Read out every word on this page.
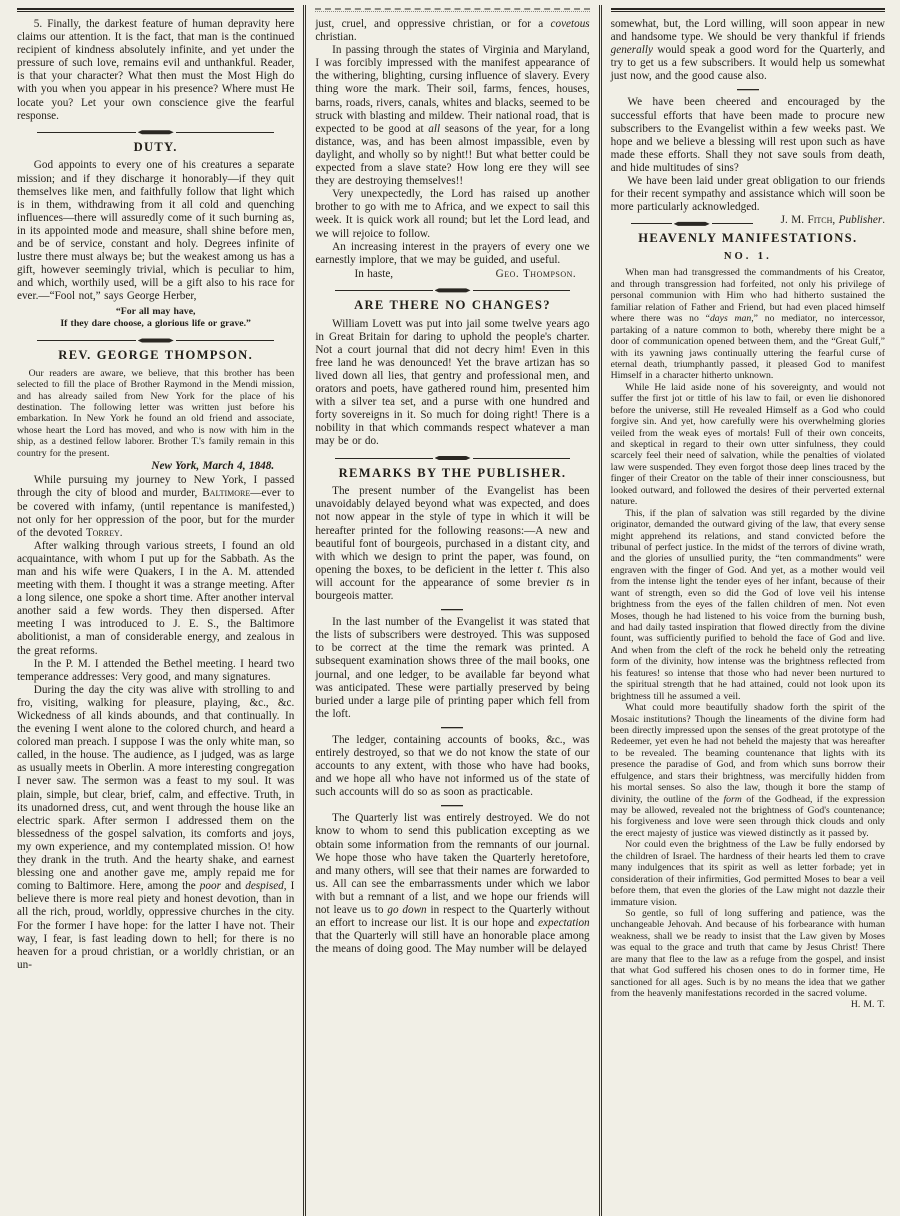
5. Finally, the darkest feature of human depravity here claims our attention. It is the fact, that man is the continued recipient of kindness absolutely infinite, and yet under the pressure of such love, remains evil and unthankful. Reader, is that your character? What then must the Most High do with you when you appear in his presence? Where must He locate you? Let your own conscience give the fearful response.

DUTY.

God appoints to every one of his creatures a separate mission; and if they discharge it honorably—if they quit themselves like men, and faithfully follow that light which is in them, withdrawing from it all cold and quenching influences—there will assuredly come of it such burning as, in its appointed mode and measure, shall shine before men, and be of service, constant and holy. Degrees infinite of lustre there must always be; but the weakest among us has a gift, however seemingly trivial, which is peculiar to him, and which, worthily used, will be a gift also to his race for ever.—“Fool not,” says George Herber,

“For all may have,
If they dare choose, a glorious life or grave.”
REV. GEORGE THOMPSON.

Our readers are aware, we believe, that this brother has been selected to fill the place of Brother Raymond in the Mendi mission, and has already sailed from New York for the place of his destination. The following letter was written just before his embarkation. In New York he found an old friend and associate, whose heart the Lord has moved, and who is now with him in the ship, as a destined fellow laborer. Brother T.'s family remain in this country for the present.

New York, March 4, 1848.

While pursuing my journey to New York, I passed through the city of blood and murder, Baltimore—ever to be covered with infamy, (until repentance is manifested,) not only for her oppression of the poor, but for the murder of the devoted Torrey.

After walking through various streets, I found an old acquaintance, with whom I put up for the Sabbath. As the man and his wife were Quakers, I in the A. M. attended meeting with them. I thought it was a strange meeting. After a long silence, one spoke a short time. After another interval another said a few words. They then dispersed. After meeting I was introduced to J. E. S., the Baltimore abolitionist, a man of considerable energy, and zealous in the great reforms.

In the P. M. I attended the Bethel meeting. I heard two temperance addresses: Very good, and many signatures.

During the day the city was alive with strolling to and fro, visiting, walking for pleasure, playing, &c., &c. Wickedness of all kinds abounds, and that continually. In the evening I went alone to the colored church, and heard a colored man preach. I suppose I was the only white man, so called, in the house. The audience, as I judged, was as large as usually meets in Oberlin. A more interesting congregation I never saw. The sermon was a feast to my soul. It was plain, simple, but clear, brief, calm, and effective. Truth, in its unadorned dress, cut, and went through the house like an electric spark. After sermon I addressed them on the blessedness of the gospel salvation, its comforts and joys, my own experience, and my contemplated mission. O! how they drank in the truth. And the hearty shake, and earnest blessing one and another gave me, amply repaid me for coming to Baltimore. Here, among the poor and despised, I believe there is more real piety and honest devotion, than in all the rich, proud, worldly, oppressive churches in the city. For the former I have hope: for the latter I have not. Their way, I fear, is fast leading down to hell; for there is no heaven for a proud christian, or a worldly christian, or an un-

just, cruel, and oppressive christian, or for a covetous christian.

In passing through the states of Virginia and Maryland, I was forcibly impressed with the manifest appearance of the withering, blighting, cursing influence of slavery. Every thing wore the mark. Their soil, farms, fences, houses, barns, roads, rivers, canals, whites and blacks, seemed to be struck with blasting and mildew. Their national road, that is expected to be good at all seasons of the year, for a long distance, was, and has been almost impassible, even by daylight, and wholly so by night!! But what better could be expected from a slave state? How long ere they will see they are destroying themselves!!

Very unexpectedly, the Lord has raised up another brother to go with me to Africa, and we expect to sail this week. It is quick work all round; but let the Lord lead, and we will rejoice to follow.

An increasing interest in the prayers of every one we earnestly implore, that we may be guided, and useful.

In haste,	Geo. Thompson.
ARE THERE NO CHANGES?

William Lovett was put into jail some twelve years ago in Great Britain for daring to uphold the people's charter. Not a court journal that did not decry him! Even in this free land he was denounced! Yet the brave artizan has so lived down all lies, that gentry and professional men, and orators and poets, have gathered round him, presented him with a silver tea set, and a purse with one hundred and forty sovereigns in it. So much for doing right! There is a nobility in that which commands respect whatever a man may be or do.

REMARKS BY THE PUBLISHER.

The present number of the Evangelist has been unavoidably delayed beyond what was expected, and does not now appear in the style of type in which it will be hereafter printed for the following reasons:—A new and beautiful font of bourgeois, purchased in a distant city, and with which we design to print the paper, was found, on opening the boxes, to be deficient in the letter t. This also will account for the appearance of some brevier ts in bourgeois matter.

In the last number of the Evangelist it was stated that the lists of subscribers were destroyed. This was supposed to be correct at the time the remark was printed. A subsequent examination shows three of the mail books, one journal, and one ledger, to be available far beyond what was anticipated. These were partially preserved by being buried under a large pile of printing paper which fell from the loft.

The ledger, containing accounts of books, &c., was entirely destroyed, so that we do not know the state of our accounts to any extent, with those who have had books, and we hope all who have not informed us of the state of such accounts will do so as soon as practicable.

The Quarterly list was entirely destroyed. We do not know to whom to send this publication excepting as we obtain some information from the remnants of our journal. We hope those who have taken the Quarterly heretofore, and many others, will see that their names are forwarded to us. All can see the embarrassments under which we labor with but a remnant of a list, and we hope our friends will not leave us to go down in respect to the Quarterly without an effort to increase our list. It is our hope and expectation that the Quarterly will still have an honorable place among the means of doing good. The May number will be delayed

somewhat, but, the Lord willing, will soon appear in new and handsome type. We should be very thankful if friends generally would speak a good word for the Quarterly, and try to get us a few subscribers. It would help us somewhat just now, and the good cause also.

We have been cheered and encouraged by the successful efforts that have been made to procure new subscribers to the Evangelist within a few weeks past. We hope and we believe a blessing will rest upon such as have made these efforts. Shall they not save souls from death, and hide multitudes of sins?

We have been laid under great obligation to our friends for their recent sympathy and assistance which will soon be more particularly acknowledged.
J. M. Fitch, Publisher.

HEAVENLY MANIFESTATIONS.
NO. 1.

When man had transgressed the commandments of his Creator, and through transgression had forfeited, not only his privilege of personal communion with Him who had hitherto sustained the familiar relation of Father and Friend, but had even placed himself where there was no “days man,” no mediator, no intercessor, partaking of a nature common to both, whereby there might be a door of communication opened between them, and the “Great Gulf,” with its yawning jaws continually uttering the fearful curse of eternal death, triumphantly passed, it pleased God to manifest Himself in a character hitherto unknown.

While He laid aside none of his sovereignty, and would not suffer the first jot or tittle of his law to fail, or even lie dishonored before the universe, still He revealed Himself as a God who could forgive sin. And yet, how carefully were his overwhelming glories veiled from the weak eyes of mortals! Full of their own conceits, and skeptical in regard to their own utter sinfulness, they could scarcely feel their need of salvation, while the penalties of violated law were suspended. They even forgot those deep lines traced by the finger of their Creator on the table of their inner consciousness, but looked outward, and followed the desires of their perverted external nature.

This, if the plan of salvation was still regarded by the divine originator, demanded the outward giving of the law, that every sense might apprehend its relations, and stand convicted before the tribunal of perfect justice. In the midst of the terrors of divine wrath, and the glories of unsullied purity, the “ten commandments” were engraven with the finger of God. And yet, as a mother would veil from the intense light the tender eyes of her infant, because of their want of strength, even so did the God of love veil his intense brightness from the eyes of the fallen children of men. Not even Moses, though he had listened to his voice from the burning bush, and had daily tasted inspiration that flowed directly from the divine fount, was sufficiently purified to behold the face of God and live. And when from the cleft of the rock he beheld only the retreating form of the divinity, how intense was the brightness reflected from his features! so intense that those who had never been nurtured to the spiritual strength that he had attained, could not look upon its brightness till he assumed a veil.

What could more beautifully shadow forth the spirit of the Mosaic institutions? Though the lineaments of the divine form had been directly impressed upon the senses of the great prototype of the Redeemer, yet even he had not beheld the majesty that was hereafter to be revealed. The beaming countenance that lights with its presence the paradise of God, and from which suns borrow their effulgence, and stars their brightness, was mercifully hidden from his mortal senses. So also the law, though it bore the stamp of divinity, the outline of the form of the Godhead, if the expression may be allowed, revealed not the brightness of God's countenance; his forgiveness and love were seen through thick clouds and only the erect majesty of justice was viewed distinctly as it passed by.

Nor could even the brightness of the Law be fully endorsed by the children of Israel. The hardness of their hearts led them to crave many indulgences that its spirit as well as letter forbade; yet in consideration of their infirmities, God permitted Moses to bear a veil before them, that even the glories of the Law might not dazzle their immature vision.

So gentle, so full of long suffering and patience, was the unchangeable Jehovah. And because of his forbearance with human weakness, shall we be ready to insist that the Law given by Moses was equal to the grace and truth that came by Jesus Christ! There are many that flee to the law as a refuge from the gospel, and insist that what God suffered his chosen ones to do in former time, He sanctioned for all ages. Such is by no means the idea that we gather from the heavenly manifestations recorded in the sacred volume.
H. M. T.
